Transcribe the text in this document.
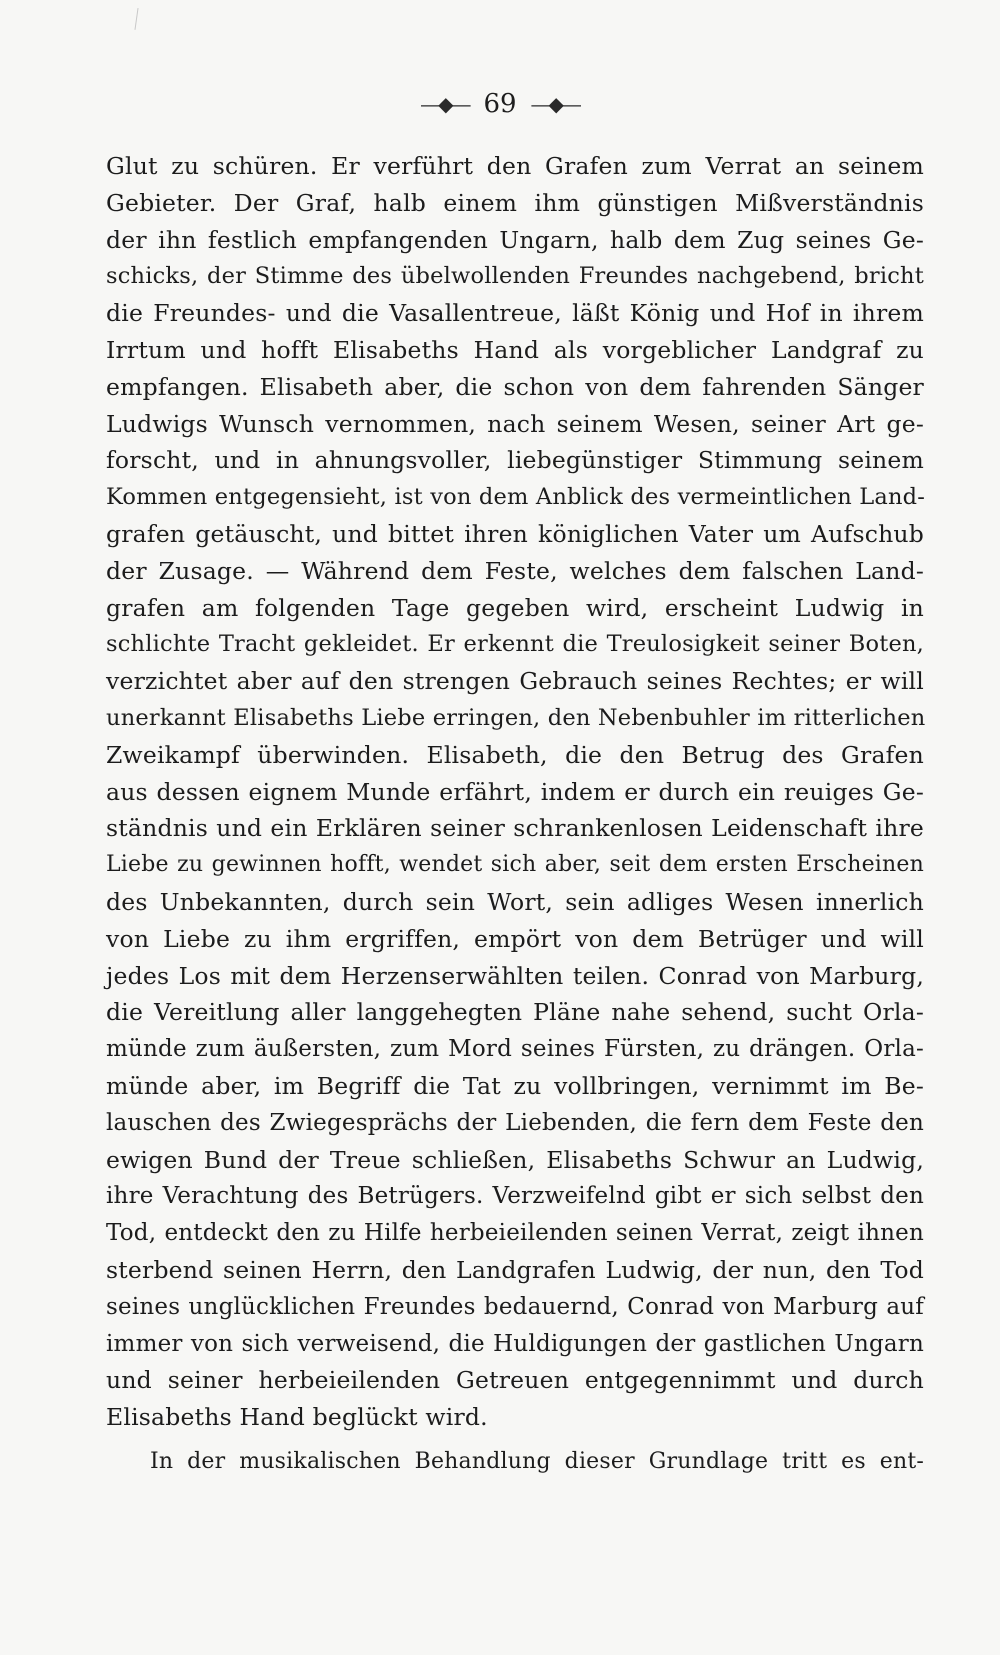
—◆— 69 —◆—
Glut zu schüren. Er verführt den Grafen zum Verrat an seinem
Gebieter. Der Graf, halb einem ihm günstigen Mißverständnis
der ihn festlich empfangenden Ungarn, halb dem Zug seines Ge-
schicks, der Stimme des übelwollenden Freundes nachgebend, bricht
die Freundes- und die Vasallentreue, läßt König und Hof in ihrem
Irrtum und hofft Elisabeths Hand als vorgeblicher Landgraf zu
empfangen. Elisabeth aber, die schon von dem fahrenden Sänger
Ludwigs Wunsch vernommen, nach seinem Wesen, seiner Art ge-
forscht, und in ahnungsvoller, liebegünstiger Stimmung seinem
Kommen entgegensieht, ist von dem Anblick des vermeintlichen Land-
grafen getäuscht, und bittet ihren königlichen Vater um Aufschub
der Zusage. — Während dem Feste, welches dem falschen Land-
grafen am folgenden Tage gegeben wird, erscheint Ludwig in
schlichte Tracht gekleidet. Er erkennt die Treulosigkeit seiner Boten,
verzichtet aber auf den strengen Gebrauch seines Rechtes; er will
unerkannt Elisabeths Liebe erringen, den Nebenbuhler im ritterlichen
Zweikampf überwinden. Elisabeth, die den Betrug des Grafen
aus dessen eignem Munde erfährt, indem er durch ein reuiges Ge-
ständnis und ein Erklären seiner schrankenlosen Leidenschaft ihre
Liebe zu gewinnen hofft, wendet sich aber, seit dem ersten Erscheinen
des Unbekannten, durch sein Wort, sein adliges Wesen innerlich
von Liebe zu ihm ergriffen, empört von dem Betrüger und will
jedes Los mit dem Herzenserwählten teilen. Conrad von Marburg,
die Vereitlung aller langgehegten Pläne nahe sehend, sucht Orla-
münde zum äußersten, zum Mord seines Fürsten, zu drängen. Orla-
münde aber, im Begriff die Tat zu vollbringen, vernimmt im Be-
lauschen des Zwiegesprächs der Liebenden, die fern dem Feste den
ewigen Bund der Treue schließen, Elisabeths Schwur an Ludwig,
ihre Verachtung des Betrügers. Verzweifelnd gibt er sich selbst den
Tod, entdeckt den zu Hilfe herbeieilenden seinen Verrat, zeigt ihnen
sterbend seinen Herrn, den Landgrafen Ludwig, der nun, den Tod
seines unglücklichen Freundes bedauernd, Conrad von Marburg auf
immer von sich verweisend, die Huldigungen der gastlichen Ungarn
und seiner herbeieilenden Getreuen entgegennimmt und durch
Elisabeths Hand beglückt wird.
In der musikalischen Behandlung dieser Grundlage tritt es ent-
